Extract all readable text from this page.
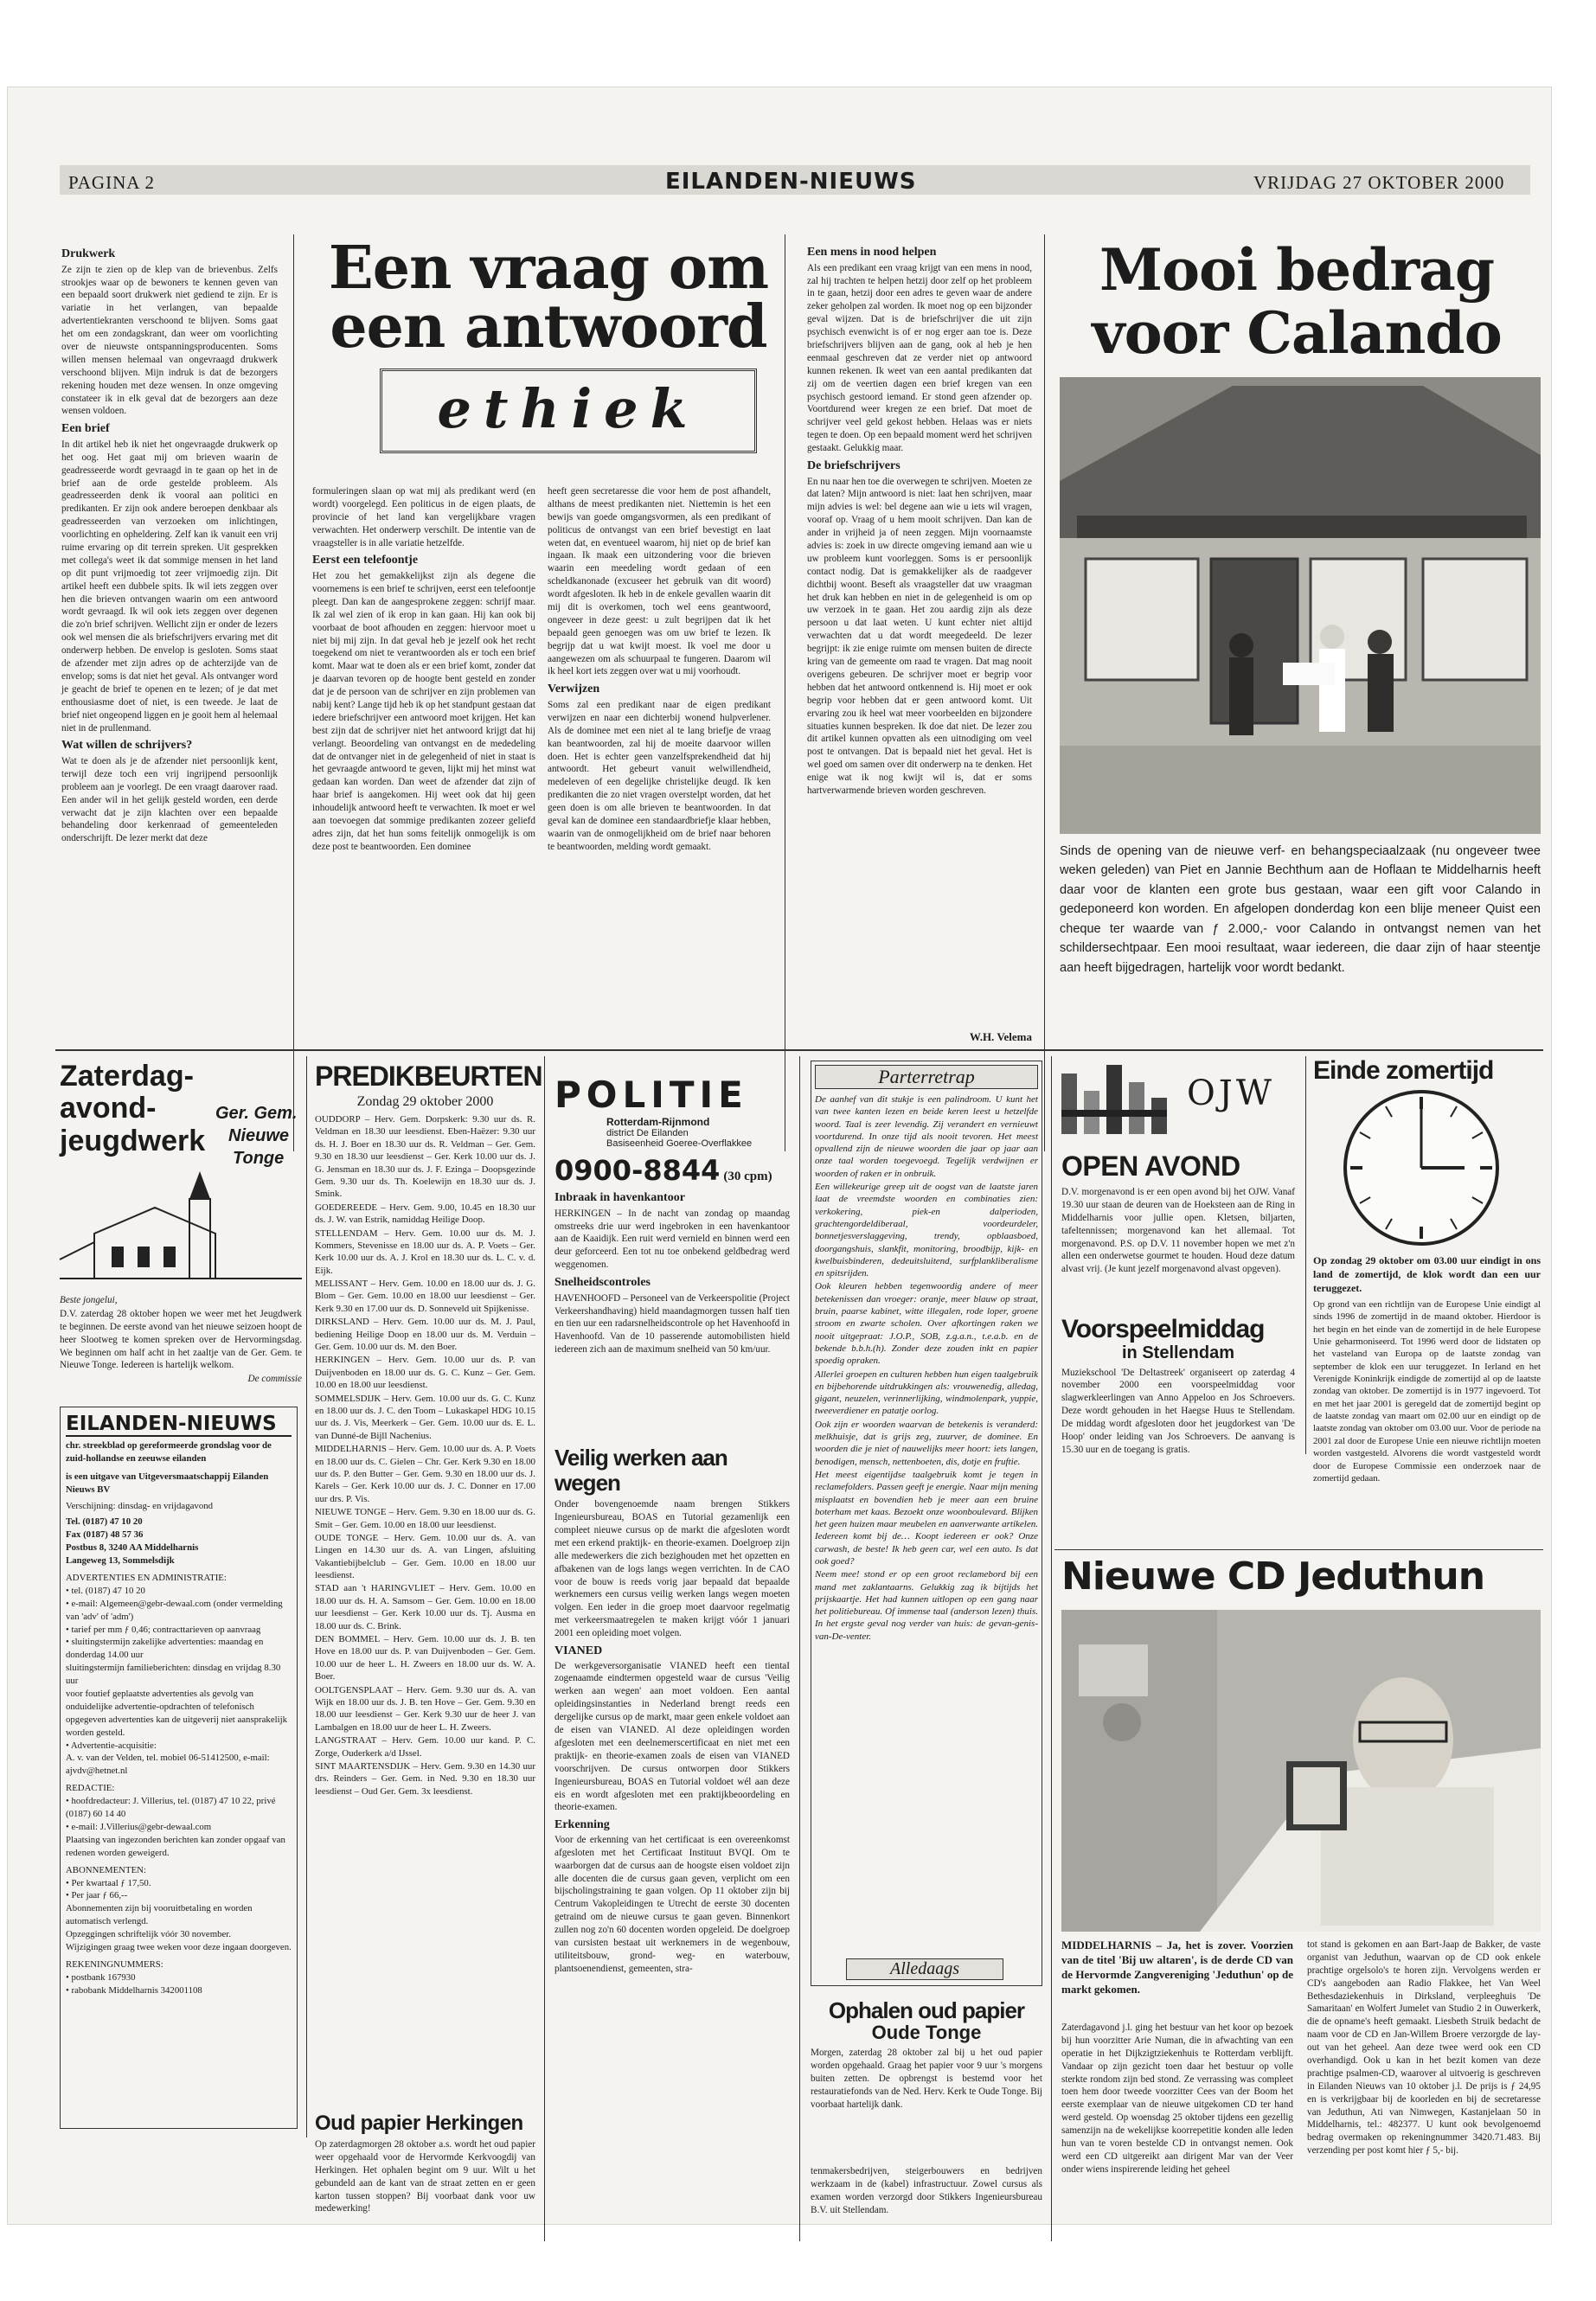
PAGINA 2	EILANDEN-NIEUWS	VRIJDAG 27 OKTOBER 2000
Een vraag om een antwoord
ethiek
Drukwerk

Ze zijn te zien op de klep van de brievenbus. Zelfs strookjes waar op de bewoners te kennen geven van een bepaald soort drukwerk niet gediend te zijn. Er is variatie in het verlangen, van bepaalde advertentiekranten verschoond te blijven. Soms gaat het om een zondagskrant, dan weer om voorlichting over de nieuwste ontspanningsproducenten. Soms willen mensen helemaal van ongevraagd drukwerk verschoond blijven. Mijn indruk is dat de bezorgers rekening houden met deze wensen. In onze omgeving constateer ik in elk geval dat de bezorgers aan deze wensen voldoen.

Een brief

In dit artikel heb ik niet het ongevraagde drukwerk op het oog. Het gaat mij om brieven waarin de geadresseerde wordt gevraagd in te gaan op het in de brief aan de orde gestelde probleem. Als geadresseerden denk ik vooral aan politici en predikanten. Er zijn ook andere beroepen denkbaar als geadresseerden van verzoeken om inlichtingen, voorlichting en opheldering. Zelf kan ik vanuit een vrij ruime ervaring op dit terrein spreken. Uit gesprekken met collega's weet ik dat sommige mensen in het land op dit punt vrijmoedig tot zeer vrijmoedig zijn. Dit artikel heeft een dubbele spits. Ik wil iets zeggen over hen die brieven ontvangen waarin om een antwoord wordt gevraagd. Ik wil ook iets zeggen over degenen die zo'n brief schrijven. Wellicht zijn er onder de lezers ook wel mensen die als briefschrijvers ervaring met dit onderwerp hebben. De envelop is gesloten. Soms staat de afzender met zijn adres op de achterzijde van de envelop; soms is dat niet het geval. Als ontvanger word je geacht de brief te openen en te lezen; of je dat met enthousiasme doet of niet, is een tweede. Je laat de brief niet ongeopend liggen en je gooit hem al helemaal niet in de prullenmand.

Wat willen de schrijvers?

Wat te doen als je de afzender niet persoonlijk kent, terwijl deze toch een vrij ingrijpend persoonlijk probleem aan je voorlegt. De een vraagt daarover raad. Een ander wil in het gelijk gesteld worden, een derde verwacht dat je zijn klachten over een bepaalde behandeling door kerkenraad of gemeenteleden onderschrijft. De lezer merkt dat deze

formuleringen slaan op wat mij als predikant werd (en wordt) voorgelegd. Een politicus in de eigen plaats, de provincie of het land kan vergelijkbare vragen verwachten. Het onderwerp verschilt. De intentie van de vraagsteller is in alle variatie hetzelfde.

Eerst een telefoontje

Het zou het gemakkelijkst zijn als degene die voornemens is een brief te schrijven, eerst een telefoontje pleegt. Dan kan de aangesprokene zeggen: schrijf maar. Ik zal wel zien of ik erop in kan gaan. Hij kan ook bij voorbaat de boot afhouden en zeggen: hiervoor moet u niet bij mij zijn. In dat geval heb je jezelf ook het recht toegekend om niet te verantwoorden als er toch een brief komt. Maar wat te doen als er een brief komt, zonder dat je daarvan tevoren op de hoogte bent gesteld en zonder dat je de persoon van de schrijver en zijn problemen van nabij kent? Lange tijd heb ik op het standpunt gestaan dat iedere briefschrijver een antwoord moet krijgen. Het kan best zijn dat de schrijver niet het antwoord krijgt dat hij verlangt. Beoordeling van ontvangst en de mededeling dat de ontvanger niet in de gelegenheid of niet in staat is het gevraagde antwoord te geven, lijkt mij het minst wat gedaan kan worden. Dan weet de afzender dat zijn of haar brief is aangekomen. Hij weet ook dat hij geen inhoudelijk antwoord heeft te verwachten. Ik moet er wel aan toevoegen dat sommige predikanten zozeer geliefd adres zijn, dat het hun soms feitelijk onmogelijk is om deze post te beantwoorden. Een dominee

heeft geen secretaresse die voor hem de post afhandelt, althans de meest predikanten niet. Niettemin is het een bewijs van goede omgangsvormen, als een predikant of politicus de ontvangst van een brief bevestigt en laat weten dat, en eventueel waarom, hij niet op de brief kan ingaan. Ik maak een uitzondering voor die brieven waarin een meedeling wordt gedaan of een scheldkanonade (excuseer het gebruik van dit woord) wordt afgesloten. Ik heb in de enkele gevallen waarin dit mij dit is overkomen, toch wel eens geantwoord, ongeveer in deze geest: u zult begrijpen dat ik het bepaald geen genoegen was om uw brief te lezen. Ik begrijp dat u wat kwijt moest. Ik voel me door u aangewezen om als schuurpaal te fungeren. Daarom wil ik heel kort iets zeggen over wat u mij voorhoudt.

Verwijzen

Soms zal een predikant naar de eigen predikant verwijzen en naar een dichterbij wonend hulpverlener. Als de dominee met een niet al te lang briefje de vraag kan beantwoorden, zal hij de moeite daarvoor willen doen. Het is echter geen vanzelfsprekendheid dat hij antwoordt. Het gebeurt vanuit welwillendheid, medeleven of een degelijke christelijke deugd. Ik ken predikanten die zo niet vragen overstelpt worden, dat het geen doen is om alle brieven te beantwoorden. In dat geval kan de dominee een standaardbriefje klaar hebben, waarin van de onmogelijkheid om de brief naar behoren te beantwoorden, melding wordt gemaakt.

Een mens in nood helpen

Als een predikant een vraag krijgt van een mens in nood, zal hij trachten te helpen hetzij door zelf op het probleem in te gaan, hetzij door een adres te geven waar de andere zeker geholpen zal worden. Ik moet nog op een bijzonder geval wijzen. Dat is de briefschrijver die uit zijn psychisch evenwicht is of er nog erger aan toe is. Deze briefschrijvers blijven aan de gang, ook al heb je hen eenmaal geschreven dat ze verder niet op antwoord kunnen rekenen. Ik weet van een aantal predikanten dat zij om de veertien dagen een brief kregen van een psychisch gestoord iemand. Er stond geen afzender op. Voortdurend weer kregen ze een brief. Dat moet de schrijver veel geld gekost hebben. Helaas was er niets tegen te doen. Op een bepaald moment werd het schrijven gestaakt. Gelukkig maar.

De briefschrijvers

En nu naar hen toe die overwegen te schrijven. Moeten ze dat laten? Mijn antwoord is niet: laat hen schrijven, maar mijn advies is wel: bel degene aan wie u iets wil vragen, vooraf op. Vraag of u hem mooit schrijven. Dan kan de ander in vrijheid ja of neen zeggen. Mijn voornaamste advies is: zoek in uw directe omgeving iemand aan wie u uw probleem kunt voorleggen. Soms is er persoonlijk contact nodig. Dat is gemakkelijker als de raadgever dichtbij woont. Beseft als vraagsteller dat uw vraagman het druk kan hebben en niet in de gelegenheid is om op uw verzoek in te gaan. Het zou aardig zijn als deze persoon u dat laat weten. U kunt echter niet altijd verwachten dat u dat wordt meegedeeld. De lezer begrijpt: ik zie enige ruimte om mensen buiten de directe kring van de gemeente om raad te vragen. Dat mag nooit overigens gebeuren. De schrijver moet er begrip voor hebben dat het antwoord ontkennend is. Hij moet er ook begrip voor hebben dat er geen antwoord komt. Uit ervaring zou ik heel wat meer voorbeelden en bijzondere situaties kunnen bespreken. Ik doe dat niet. De lezer zou dit artikel kunnen opvatten als een uitnodiging om veel post te ontvangen. Dat is bepaald niet het geval. Het is wel goed om samen over dit onderwerp na te denken. Het enige wat ik nog kwijt wil is, dat er soms hartverwarmende brieven worden geschreven.

W.H. Velema
Mooi bedrag voor Calando
Sinds de opening van de nieuwe verf- en behangspeciaalzaak (nu ongeveer twee weken geleden) van Piet en Jannie Bechthum aan de Hoflaan te Middelharnis heeft daar voor de klanten een grote bus gestaan, waar een gift voor Calando in gedeponeerd kon worden. En afgelopen donderdag kon een blije meneer Quist een cheque ter waarde van ƒ 2.000,- voor Calando in ontvangst nemen van het schildersechtpaar. Een mooi resultaat, waar iedereen, die daar zijn of haar steentje aan heeft bijgedragen, hartelijk voor wordt bedankt.
Zaterdag-
avond-
jeugdwerk
Ger. Gem.
Nieuwe
Tonge

Beste jongelui,

D.V. zaterdag 28 oktober hopen we weer met het Jeugdwerk te beginnen. De eerste avond van het nieuwe seizoen hoopt de heer Slootweg te komen spreken over de Hervormingsdag. We beginnen om half acht in het zaaltje van de Ger. Gem. te Nieuwe Tonge. Iedereen is hartelijk welkom.

De commissie

EILANDEN-NIEUWS
chr. streekblad op gereformeerde grondslag voor de zuid-hollandse en zeeuwse eilanden
is een uitgave van Uitgeversmaatschappij Eilanden Nieuws BV
Verschijning: dinsdag- en vrijdagavond

Tel. (0187) 47 10 20

Fax (0187) 48 57 36

Postbus 8, 3240 AA Middelharnis

Langeweg 13, Sommelsdijk

ADVERTENTIES EN ADMINISTRATIE:

• tel. (0187) 47 10 20

• e-mail: Algemeen@gebr-dewaal.com (onder vermelding van 'adv' of 'adm')

• tarief per mm ƒ 0,46; contracttarieven op aanvraag

• sluitingstermijn zakelijke advertenties: maandag en donderdag 14.00 uur

sluitingstermijn familieberichten: dinsdag en vrijdag 8.30 uur

voor foutief geplaatste advertenties als gevolg van onduidelijke advertentie-opdrachten of telefonisch opgegeven advertenties kan de uitgeverij niet aansprakelijk worden gesteld.

• Advertentie-acquisitie:

A. v. van der Velden, tel. mobiel 06-51412500, e-mail: ajvdv@hetnet.nl

REDACTIE:

• hoofdredacteur: J. Villerius, tel. (0187) 47 10 22, privé (0187) 60 14 40

• e-mail: J.Villerius@gebr-dewaal.com

Plaatsing van ingezonden berichten kan zonder opgaaf van redenen worden geweigerd.

ABONNEMENTEN:

• Per kwartaal ƒ 17,50.

• Per jaar ƒ 66,--

Abonnementen zijn bij vooruitbetaling en worden automatisch verlengd.

Opzeggingen schriftelijk vóór 30 november.

Wijzigingen graag twee weken voor deze ingaan doorgeven.

REKENINGNUMMERS:

• postbank 167930

• rabobank Middelharnis 342001108

PREDIKBEURTEN
Zondag 29 oktober 2000

OUDDORP – Herv. Gem. Dorpskerk: 9.30 uur ds. R. Veldman en 18.30 uur leesdienst. Eben-Haëzer: 9.30 uur ds. H. J. Boer en 18.30 uur ds. R. Veldman – Ger. Gem. 9.30 en 18.30 uur leesdienst – Ger. Kerk 10.00 uur ds. J. G. Jensman en 18.30 uur ds. J. F. Ezinga – Doopsgezinde Gem. 9.30 uur ds. Th. Koelewijn en 18.30 uur ds. J. Smink.

GOEDEREEDE – Herv. Gem. 9.00, 10.45 en 18.30 uur ds. J. W. van Estrik, namiddag Heilige Doop.

STELLENDAM – Herv. Gem. 10.00 uur ds. M. J. Kommers, Stevenisse en 18.00 uur ds. A. P. Voets – Ger. Kerk 10.00 uur ds. A. J. Krol en 18.30 uur ds. L. C. v. d. Eijk.

MELISSANT – Herv. Gem. 10.00 en 18.00 uur ds. J. G. Blom – Ger. Gem. 10.00 en 18.00 uur leesdienst – Ger. Kerk 9.30 en 17.00 uur ds. D. Sonneveld uit Spijkenisse.

DIRKSLAND – Herv. Gem. 10.00 uur ds. M. J. Paul, bediening Heilige Doop en 18.00 uur ds. M. Verduin – Ger. Gem. 10.00 uur ds. M. den Boer.

HERKINGEN – Herv. Gem. 10.00 uur ds. P. van Duijvenboden en 18.00 uur ds. G. C. Kunz – Ger. Gem. 10.00 en 18.00 uur leesdienst.

SOMMELSDIJK – Herv. Gem. 10.00 uur ds. G. C. Kunz en 18.00 uur ds. J. C. den Toom – Lukaskapel HDG 10.15 uur ds. J. Vis, Meerkerk – Ger. Gem. 10.00 uur ds. E. L. van Dunné-de Bijll Nachenius.

MIDDELHARNIS – Herv. Gem. 10.00 uur ds. A. P. Voets en 18.00 uur ds. C. Gielen – Chr. Ger. Kerk 9.30 en 18.00 uur ds. P. den Butter – Ger. Gem. 9.30 en 18.00 uur ds. J. Karels – Ger. Kerk 10.00 uur ds. J. C. Donner en 17.00 uur drs. P. Vis.

NIEUWE TONGE – Herv. Gem. 9.30 en 18.00 uur ds. G. Smit – Ger. Gem. 10.00 en 18.00 uur leesdienst.

OUDE TONGE – Herv. Gem. 10.00 uur ds. A. van Lingen en 14.30 uur ds. A. van Lingen, afsluiting Vakantiebijbelclub – Ger. Gem. 10.00 en 18.00 uur leesdienst.

STAD aan 't HARINGVLIET – Herv. Gem. 10.00 en 18.00 uur ds. H. A. Samsom – Ger. Gem. 10.00 en 18.00 uur leesdienst – Ger. Kerk 10.00 uur ds. Tj. Ausma en 18.00 uur ds. C. Brink.

DEN BOMMEL – Herv. Gem. 10.00 uur ds. J. B. ten Hove en 18.00 uur ds. P. van Duijvenboden – Ger. Gem. 10.00 uur de heer L. H. Zweers en 18.00 uur ds. W. A. Boer.

OOLTGENSPLAAT – Herv. Gem. 9.30 uur ds. A. van Wijk en 18.00 uur ds. J. B. ten Hove – Ger. Gem. 9.30 en 18.00 uur leesdienst – Ger. Kerk 9.30 uur de heer J. van Lambalgen en 18.00 uur de heer L. H. Zweers.

LANGSTRAAT – Herv. Gem. 10.00 uur kand. P. C. Zorge, Ouderkerk a/d IJssel.

SINT MAARTENSDIJK – Herv. Gem. 9.30 en 14.30 uur drs. Reinders – Ger. Gem. in Ned. 9.30 en 18.30 uur leesdienst – Oud Ger. Gem. 3x leesdienst.

Oud papier Herkingen
Op zaterdagmorgen 28 oktober a.s. wordt het oud papier weer opgehaald voor de Hervormde Kerkvoogdij van Herkingen. Het ophalen begint om 9 uur. Wilt u het gebundeld aan de kant van de straat zetten en er geen karton tussen stoppen? Bij voorbaat dank voor uw medewerking!
POLITIE
Rotterdam-Rijnmond
district De Eilanden
Basiseenheid Goeree-Overflakkee
0900-8844 (30 cpm)
Inbraak in havenkantoor

HERKINGEN – In de nacht van zondag op maandag omstreeks drie uur werd ingebroken in een havenkantoor aan de Kaaidijk. Een ruit werd vernield en binnen werd een deur geforceerd. Een tot nu toe onbekend geldbedrag werd weggenomen.

Snelheidscontroles

HAVENHOOFD – Personeel van de Verkeerspolitie (Project Verkeershandhaving) hield maandagmorgen tussen half tien en tien uur een radarsnelheidscontrole op het Havenhoofd in Havenhoofd. Van de 10 passerende automobilisten hield iedereen zich aan de maximum snelheid van 50 km/uur.

Veilig werken aan wegen
Onder bovengenoemde naam brengen Stikkers Ingenieursbureau, BOAS en Tutorial gezamenlijk een compleet nieuwe cursus op de markt die afgesloten wordt met een erkend praktijk- en theorie-examen. Doelgroep zijn alle medewerkers die zich bezighouden met het opzetten en afbakenen van de logs langs wegen verrichten. In de CAO voor de bouw is reeds vorig jaar bepaald dat bepaalde werknemers een cursus veilig werken langs wegen moeten volgen. Een ieder in die groep moet daarvoor regelmatig met verkeersmaatregelen te maken krijgt vóór 1 januari 2001 een opleiding moet volgen.
VIANED
De werkgeversorganisatie VIANED heeft een tientaI zogenaamde eindtermen opgesteld waar de cursus 'Veilig werken aan wegen' aan moet voldoen. Een aantal opleidingsinstanties in Nederland brengt reeds een dergelijke cursus op de markt, maar geen enkele voldoet aan de eisen van VIANED. Al deze opleidingen worden afgesloten met een deelnemerscertificaat en niet met een praktijk- en theorie-examen zoals de eisen van VIANED voorschrijven. De cursus ontworpen door Stikkers Ingenieursbureau, BOAS en Tutorial voldoet wél aan deze eis en wordt afgesloten met een praktijkbeoordeling en theorie-examen.
Erkenning
Voor de erkenning van het certificaat is een overeenkomst afgesloten met het Certificaat Instituut BVQI. Om te waarborgen dat de cursus aan de hoogste eisen voldoet zijn alle docenten die de cursus gaan geven, verplicht om een bijscholingstraining te gaan volgen. Op 11 oktober zijn bij Centrum Vakopleidingen te Utrecht de eerste 30 docenten getraind om de nieuwe cursus te gaan geven. Binnenkort zullen nog zo'n 60 docenten worden opgeleid. De doelgroep van cursisten bestaat uit werknemers in de wegenbouw, utiliteitsbouw, grond- weg- en waterbouw, plantsoenendienst, gemeenten, stra-
Parterretrap

De aanhef van dit stukje is een palindroom. U kunt het van twee kanten lezen en beide keren leest u hetzelfde woord. Taal is zeer levendig. Zij verandert en vernieuwt voortdurend. In onze tijd als nooit tevoren. Het meest opvallend zijn de nieuwe woorden die jaar op jaar aan onze taal worden toegevoegd. Tegelijk verdwijnen er woorden of raken er in onbruik.

Een willekeurige greep uit de oogst van de laatste jaren laat de vreemdste woorden en combinaties zien: verkokering, piek-en dalperioden, grachtengordeldiberaal, voordeurdeler, bonnetjesverslaggeving, trendy, opblaasboed, doorgangshuis, slankfit, monitoring, broodbijp, kijk- en kwelbuisbinderen, dedeuitsluitend, surfplankliberalisme en spitsrijden.

Ook kleuren hebben tegenwoordig andere of meer betekenissen dan vroeger: oranje, meer blauw op straat, bruin, paarse kabinet, witte illegalen, rode loper, groene stroom en zwarte scholen. Over afkortingen raken we nooit uitgepraat: J.O.P., SOB, z.g.a.n., t.e.a.b. en de bekende b.b.h.(h). Zonder deze zouden inkt en papier spoedig opraken.

Allerlei groepen en culturen hebben hun eigen taalgebruik en bijbehorende uitdrukkingen als: vrouwenedig, alledag, gigant, neuzelen, verinnerlijking, windmolenpark, yuppie, tweeverdiener en patatje oorlog.

Ook zijn er woorden waarvan de betekenis is veranderd: melkhuisje, dat is grijs zeg, zuurver, de dominee. En woorden die je niet of nauwelijks meer hoort: iets langen, benodigen, mensch, nettenboeten, dis, dotje en fruftie.

Het meest eigentijdse taalgebruik komt je tegen in reclamefolders. Passen geeft je energie. Naar mijn mening misplaatst en bovendien heb je meer aan een bruine boterham met kaas. Bezoekt onze woonboulevard. Blijken het geen huizen maar meubelen en aanverwante artikelen. Iedereen komt bij de… Koopt iedereen er ook? Onze carwash, de beste! Ik heb geen car, wel een auto. Is dat ook goed?

Neem mee! stond er op een groot reclamebord bij een mand met zaklantaarns. Gelukkig zag ik bijtijds het prijskaartje. Het had kunnen uitlopen op een gang naar het politiebureau. Of immense taal (anderson lezen) thuis. In het ergste geval nog verder van huis: de gevan-genis- van-De-venter.

Alledaags
Ophalen oud papier
Oude Tonge
Morgen, zaterdag 28 oktober zal bij u het oud papier worden opgehaald. Graag het papier voor 9 uur 's morgens buiten zetten. De opbrengst is bestemd voor het restauratiefonds van de Ned. Herv. Kerk te Oude Tonge. Bij voorbaat hartelijk dank.
tenmakersbedrijven, steigerbouwers en bedrijven werkzaam in de (kabel) infrastructuur. Zowel cursus als examen worden verzorgd door Stikkers Ingenieursbureau B.V. uit Stellendam.
OJW
OPEN AVOND
D.V. morgenavond is er een open avond bij het OJW. Vanaf 19.30 uur staan de deuren van de Hoeksteen aan de Ring in Middelharnis voor jullie open. Kletsen, biljarten, tafeltennissen; morgenavond kan het allemaal. Tot morgenavond. P.S. op D.V. 11 november hopen we met z'n allen een onderwetse gourmet te houden. Houd deze datum alvast vrij. (Je kunt jezelf morgenavond alvast opgeven).
Einde zomertijd
Op zondag 29 oktober om 03.00 uur eindigt in ons land de zomertijd, de klok wordt dan een uur teruggezet.
Op grond van een richtlijn van de Europese Unie eindigt al sinds 1996 de zomertijd in de maand oktober. Hierdoor is het begin en het einde van de zomertijd in de hele Europese Unie geharmoniseerd. Tot 1996 werd door de lidstaten op het vasteland van Europa op de laatste zondag van september de klok een uur teruggezet. In Ierland en het Verenigde Koninkrijk eindigde de zomertijd al op de laatste zondag van oktober. De zomertijd is in 1977 ingevoerd. Tot en met het jaar 2001 is geregeld dat de zomertijd begint op de laatste zondag van maart om 02.00 uur en eindigt op de laatste zondag van oktober om 03.00 uur. Voor de periode na 2001 zal door de Europese Unie een nieuwe richtlijn moeten worden vastgesteld. Alvorens die wordt vastgesteld wordt door de Europese Commissie een onderzoek naar de zomertijd gedaan.
Voorspeelmiddag
in Stellendam
Muziekschool 'De Deltastreek' organiseert op zaterdag 4 november 2000 een voorspeelmiddag voor slagwerkleerlingen van Anno Appeloo en Jos Schroevers. Deze wordt gehouden in het Haegse Huus te Stellendam. De middag wordt afgesloten door het jeugdorkest van 'De Hoop' onder leiding van Jos Schroevers. De aanvang is 15.30 uur en de toegang is gratis.
Nieuwe CD Jeduthun
MIDDELHARNIS – Ja, het is zover. Voorzien van de titel 'Bij uw altaren', is de derde CD van de Hervormde Zangvereniging 'Jeduthun' op de markt gekomen.
Zaterdagavond j.l. ging het bestuur van het koor op bezoek bij hun voorzitter Arie Numan, die in afwachting van een operatie in het Dijkzigtziekenhuis te Rotterdam verblijft. Vandaar op zijn gezicht toen daar het bestuur op volle sterkte rondom zijn bed stond. Ze verrassing was compleet toen hem door tweede voorzitter Cees van der Boom het eerste exemplaar van de nieuwe uitgekomen CD ter hand werd gesteld. Op woensdag 25 oktober tijdens een gezellig samenzijn na de wekelijkse koorrepetitie konden alle leden hun van te voren bestelde CD in ontvangst nemen. Ook werd een CD uitgereikt aan dirigent Mar van der Veer onder wiens inspirerende leiding het geheel
tot stand is gekomen en aan Bart-Jaap de Bakker, de vaste organist van Jeduthun, waarvan op de CD ook enkele prachtige orgelsolo's te horen zijn. Vervolgens werden er CD's aangeboden aan Radio Flakkee, het Van Weel Bethesdaziekenhuis in Dirksland, verpleeghuis 'De Samaritaan' en Wolfert Jumelet van Studio 2 in Ouwerkerk, die de opname's heeft gemaakt. Liesbeth Struik bedacht de naam voor de CD en Jan-Willem Broere verzorgde de lay-out van het geheel. Aan deze twee werd ook een CD overhandigd. Ook u kan in het bezit komen van deze prachtige psalmen-CD, waarover al uitvoerig is geschreven in Eilanden Nieuws van 10 oktober j.l. De prijs is ƒ 24,95 en is verkrijgbaar bij de koorleden en bij de secretaresse van Jeduthun, Ati van Nimwegen, Kastanjelaan 50 in Middelharnis, tel.: 482377. U kunt ook bevolgenoemd bedrag overmaken op rekeningnummer 3420.71.483. Bij verzending per post komt hier ƒ 5,- bij.
